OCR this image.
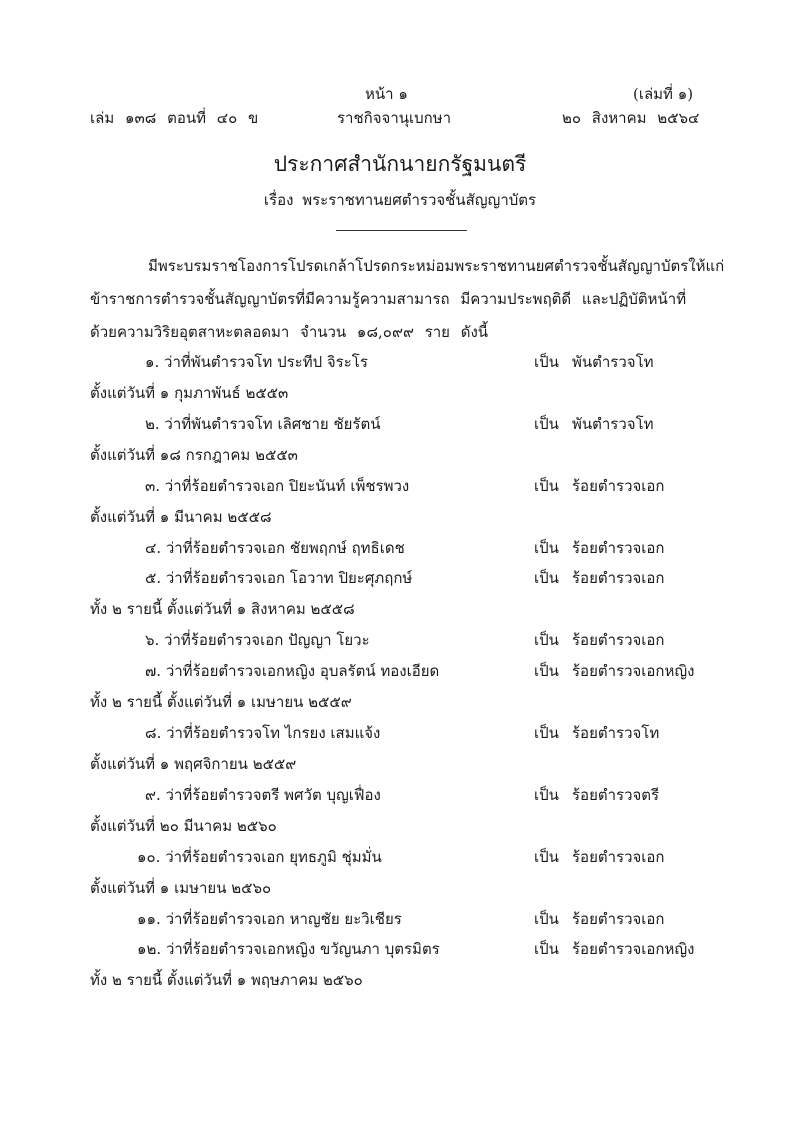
หน้า ๑	(เล่มที่ ๑)
เล่ม ๑๓๘ ตอนที่ ๔๐ ข	ราชกิจจานุเบกษา	๒๐ สิงหาคม ๒๕๖๔
ประกาศสำนักนายกรัฐมนตรี
เรื่อง พระราชทานยศตำรวจชั้นสัญญาบัตร
มีพระบรมราชโองการโปรดเกล้าโปรดกระหม่อมพระราชทานยศตำรวจชั้นสัญญาบัตรให้แก่
ข้าราชการตำรวจชั้นสัญญาบัตรที่มีความรู้ความสามารถ มีความประพฤติดี และปฏิบัติหน้าที่
ด้วยความวิริยอุตสาหะตลอดมา จำนวน ๑๘,๐๙๙ ราย ดังนี้
๑. ว่าที่พันตำรวจโท ประทีป จิระโร	เป็น พันตำรวจโท
ตั้งแต่วันที่ ๑ กุมภาพันธ์ ๒๕๕๓
๒. ว่าที่พันตำรวจโท เลิศชาย ชัยรัตน์	เป็น พันตำรวจโท
ตั้งแต่วันที่ ๑๘ กรกฎาคม ๒๕๕๓
๓. ว่าที่ร้อยตำรวจเอก ปิยะนันท์ เพ็ชรพวง	เป็น ร้อยตำรวจเอก
ตั้งแต่วันที่ ๑ มีนาคม ๒๕๕๘
๔. ว่าที่ร้อยตำรวจเอก ชัยพฤกษ์ ฤทธิเดช	เป็น ร้อยตำรวจเอก
๕. ว่าที่ร้อยตำรวจเอก โอวาท ปิยะศุภฤกษ์	เป็น ร้อยตำรวจเอก
ทั้ง ๒ รายนี้ ตั้งแต่วันที่ ๑ สิงหาคม ๒๕๕๘
๖. ว่าที่ร้อยตำรวจเอก ปัญญา โยวะ	เป็น ร้อยตำรวจเอก
๗. ว่าที่ร้อยตำรวจเอกหญิง อุบลรัตน์ ทองเอียด	เป็น ร้อยตำรวจเอกหญิง
ทั้ง ๒ รายนี้ ตั้งแต่วันที่ ๑ เมษายน ๒๕๕๙
๘. ว่าที่ร้อยตำรวจโท ไกรยง เสมแจ้ง	เป็น ร้อยตำรวจโท
ตั้งแต่วันที่ ๑ พฤศจิกายน ๒๕๕๙
๙. ว่าที่ร้อยตำรวจตรี พศวัต บุญเฟื่อง	เป็น ร้อยตำรวจตรี
ตั้งแต่วันที่ ๒๐ มีนาคม ๒๕๖๐
๑๐. ว่าที่ร้อยตำรวจเอก ยุทธภูมิ ชุ่มมั่น	เป็น ร้อยตำรวจเอก
ตั้งแต่วันที่ ๑ เมษายน ๒๕๖๐
๑๑. ว่าที่ร้อยตำรวจเอก หาญชัย ยะวิเชียร	เป็น ร้อยตำรวจเอก
๑๒. ว่าที่ร้อยตำรวจเอกหญิง ขวัญนภา บุตรมิตร	เป็น ร้อยตำรวจเอกหญิง
ทั้ง ๒ รายนี้ ตั้งแต่วันที่ ๑ พฤษภาคม ๒๕๖๐
